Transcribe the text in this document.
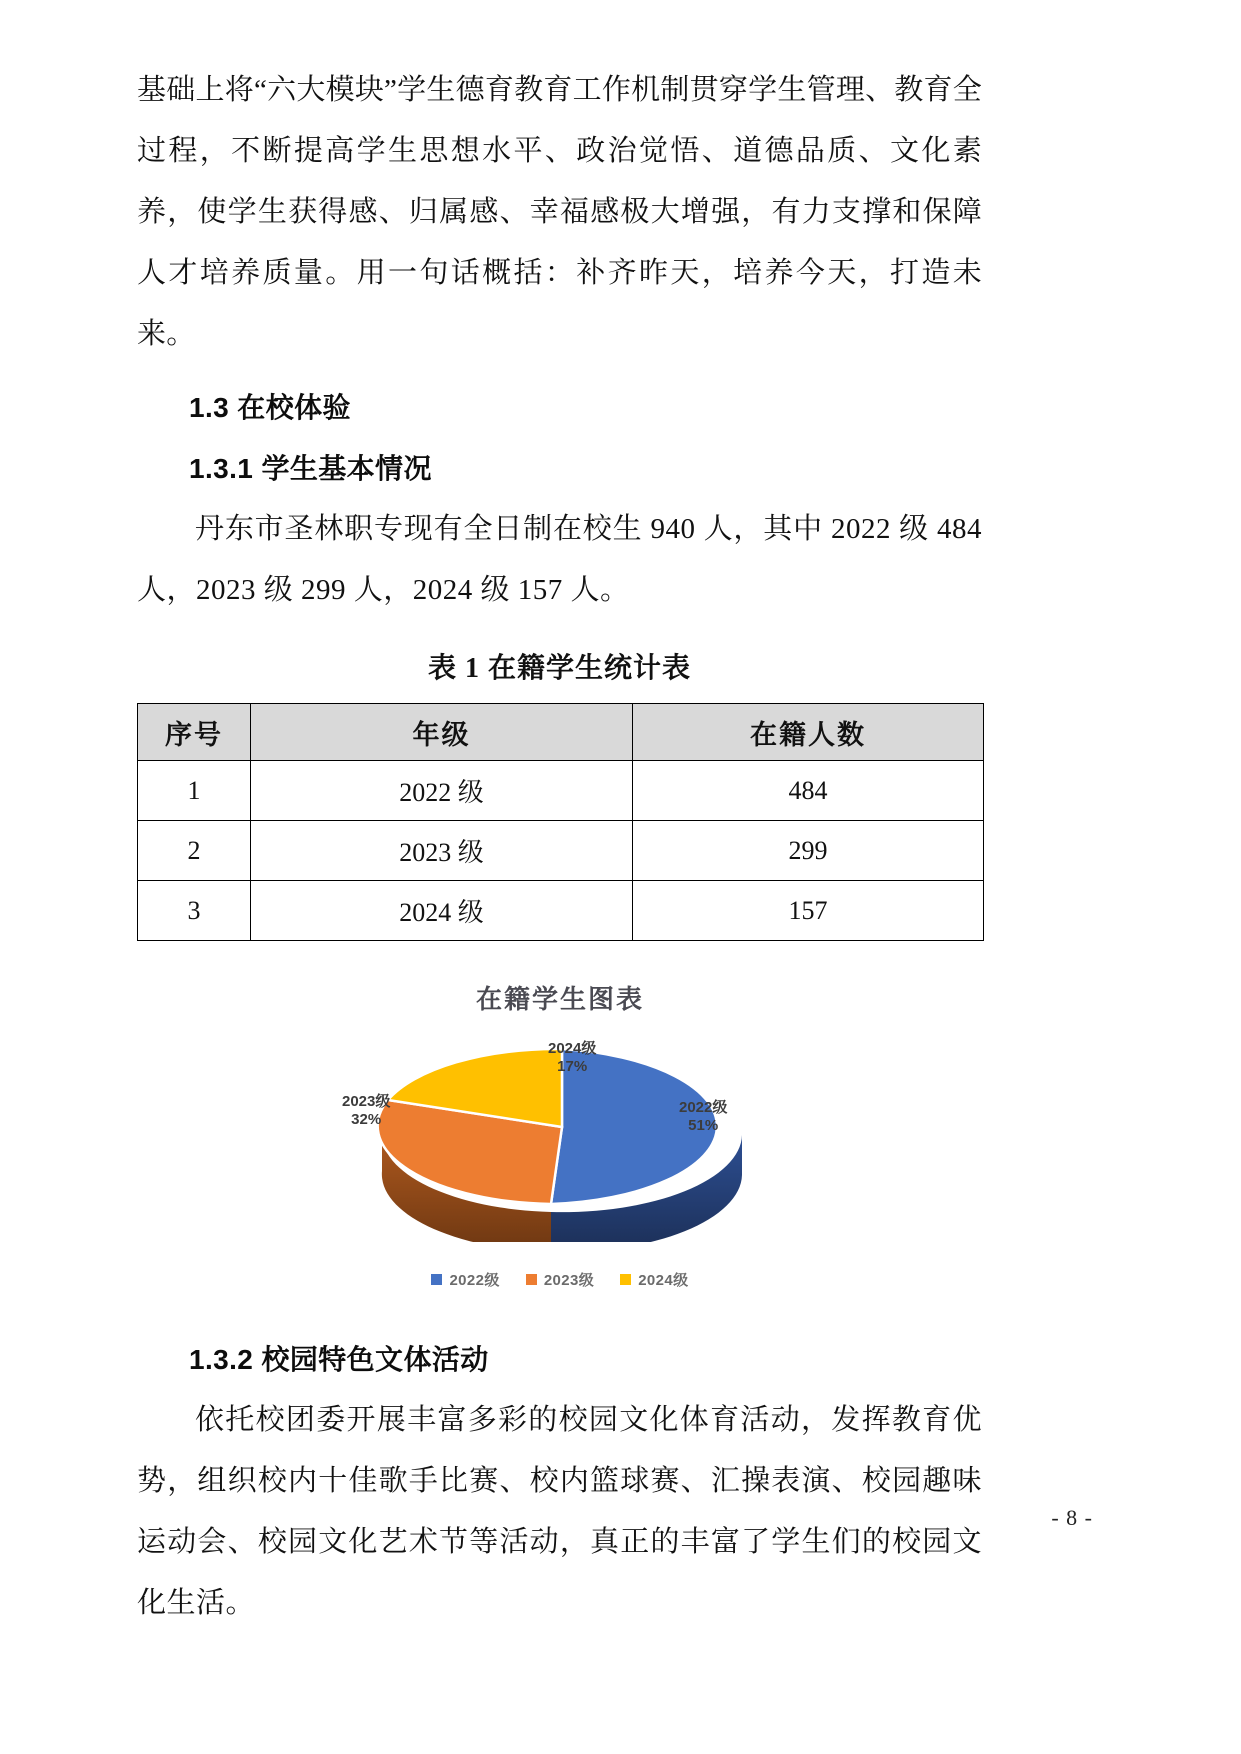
基础上将“六大模块”学生德育教育工作机制贯穿学生管理、教育全过程，不断提高学生思想水平、政治觉悟、道德品质、文化素养，使学生获得感、归属感、幸福感极大增强，有力支撑和保障人才培养质量。用一句话概括：补齐昨天，培养今天，打造未来。

1.3 在校体验
1.3.1 学生基本情况

丹东市圣林职专现有全日制在校生 940 人，其中 2022 级 484 人，2023 级 299 人，2024 级 157 人。

表 1 在籍学生统计表
序号	年级	在籍人数
1	2022 级	484
2	2023 级	299
3	2024 级	157
在籍学生图表
2024级
17%
2023级
32%
2022级
51%
2022级	2023级	2024级
1.3.2 校园特色文体活动

依托校团委开展丰富多彩的校园文化体育活动，发挥教育优势，组织校内十佳歌手比赛、校内篮球赛、汇操表演、校园趣味运动会、校园文化艺术节等活动，真正的丰富了学生们的校园文化生活。

- 8 -
